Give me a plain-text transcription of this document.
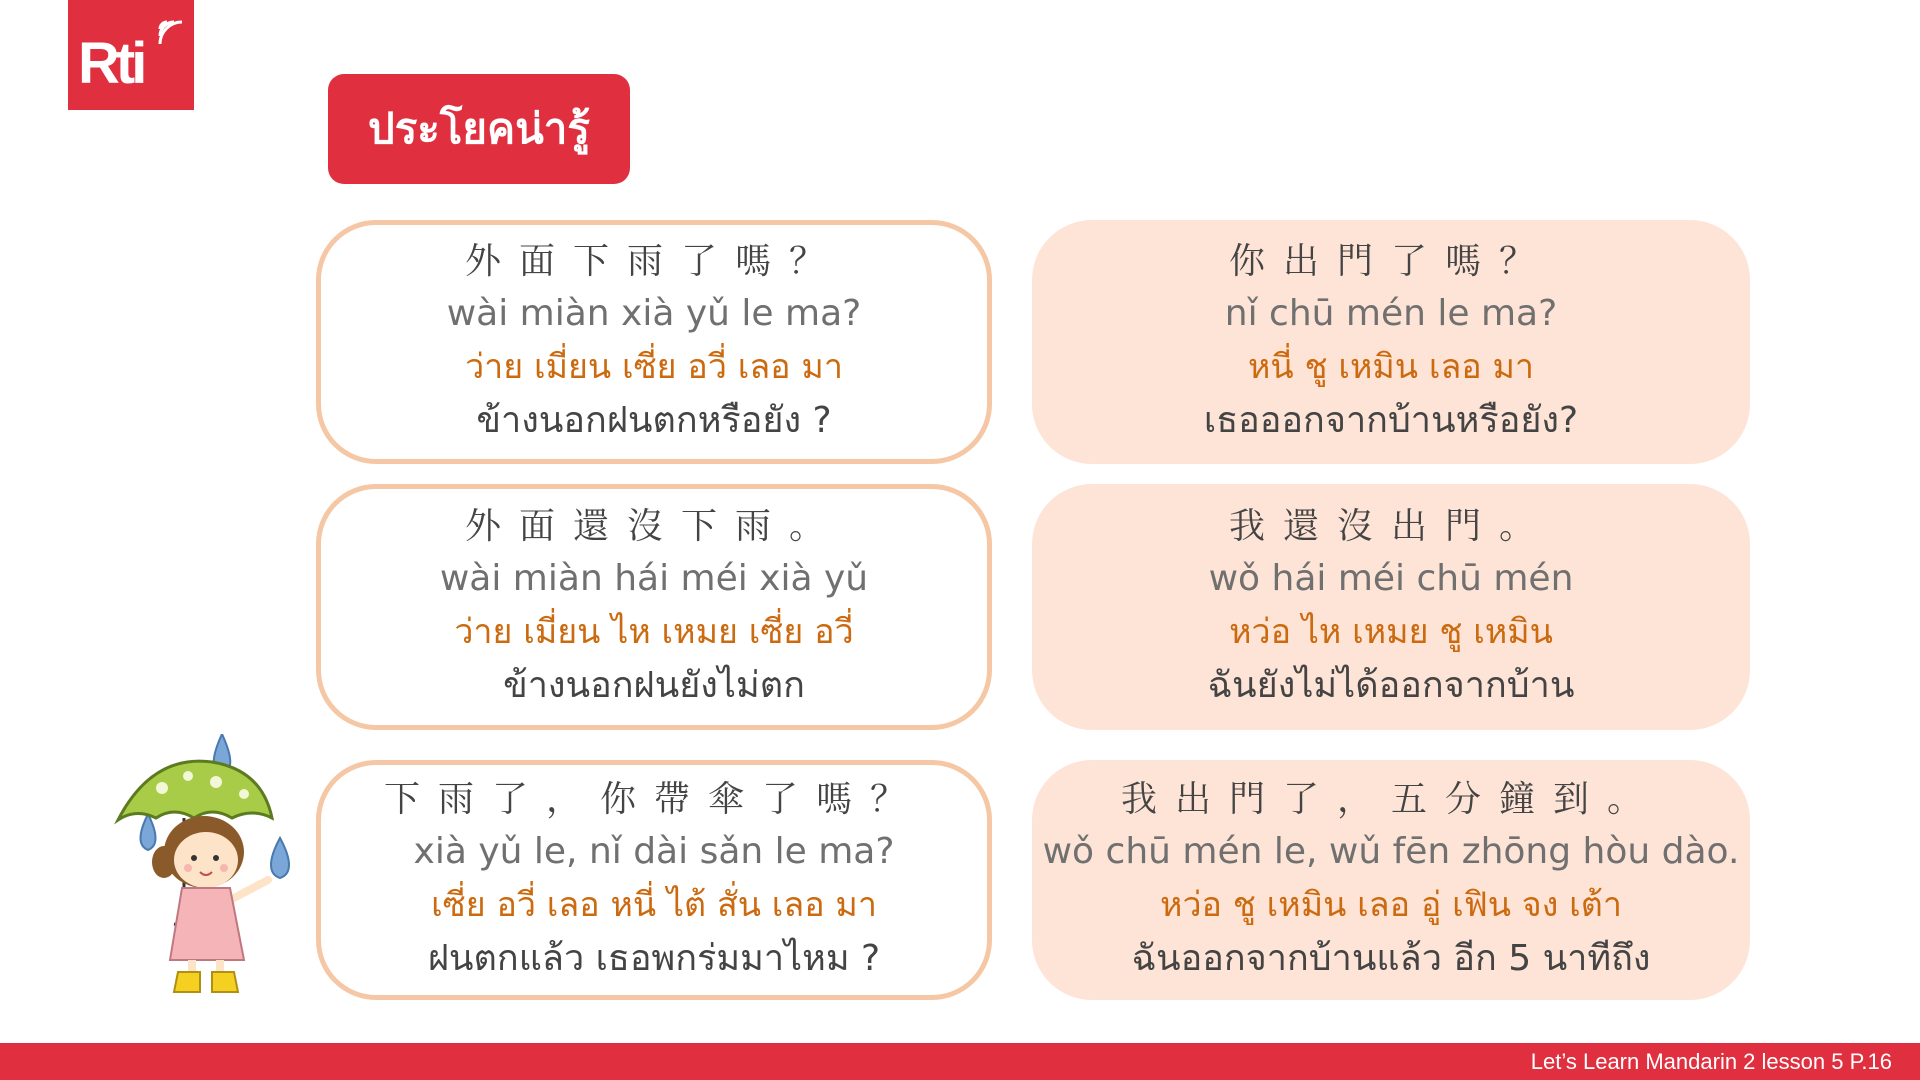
Rti
ประโยคน่ารู้
外面下雨了嗎？
wài miàn xià yǔ le ma?
ว่าย เมี่ยน เซี่ย อวี่ เลอ มา
ข้างนอกฝนตกหรือยัง ?
你出門了嗎？
nǐ chū mén le ma?
หนี่ ชู เหมิน เลอ มา
เธอออกจากบ้านหรือยัง?
外面還沒下雨。
wài miàn hái méi xià yǔ
ว่าย เมี่ยน ไห เหมย เซี่ย อวี่
ข้างนอกฝนยังไม่ตก
我還沒出門。
wǒ hái méi chū mén
หว่อ ไห เหมย ชู เหมิน
ฉันยังไม่ได้ออกจากบ้าน
下雨了，你帶傘了嗎？
xià yǔ le, nǐ dài sǎn le ma?
เซี่ย อวี่ เลอ หนี่ ไต้ สั่น เลอ มา
ฝนตกแล้ว เธอพกร่มมาไหม ?
我出門了，五分鐘到。
wǒ chū mén le, wǔ fēn zhōng hòu dào.
หว่อ ชู เหมิน เลอ อู่ เฟิน จง เต้า
ฉันออกจากบ้านแล้ว อีก 5 นาทีถึง
Let’s Learn Mandarin 2 lesson 5 P.16
